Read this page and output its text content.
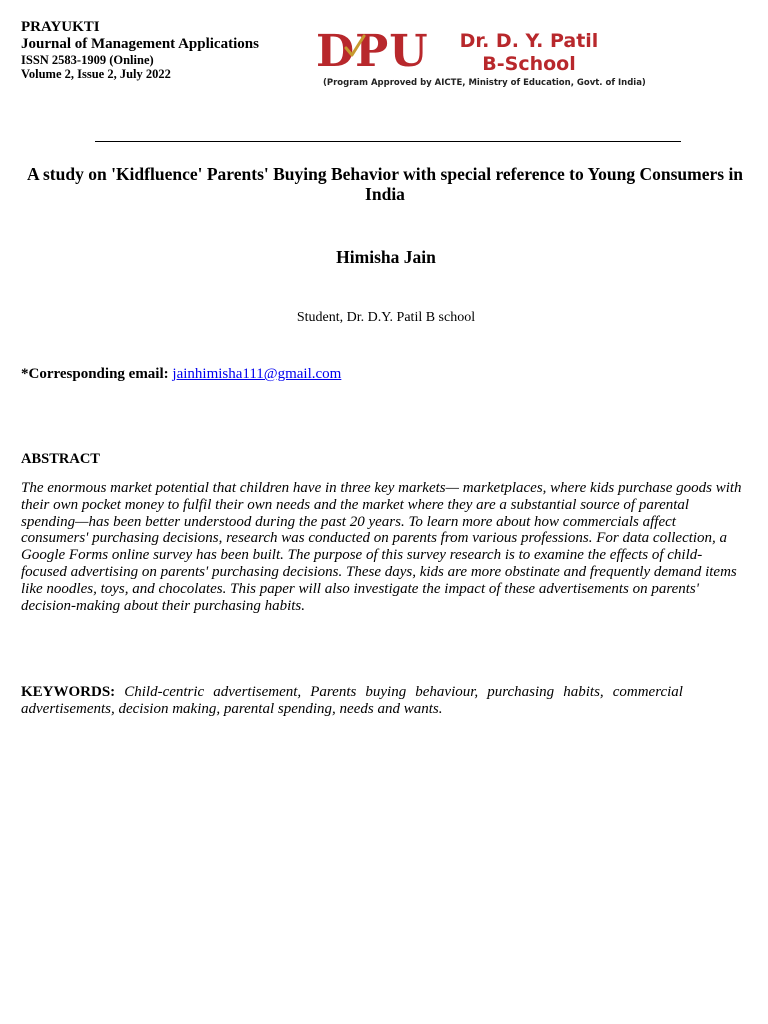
PRAYUKTI
Journal of Management Applications
ISSN 2583-1909 (Online)
Volume 2, Issue 2, July 2022	DPU	Dr. D. Y. Patil
B-School
(Program Approved by AICTE, Ministry of Education, Govt. of India)
A study on 'Kidfluence' Parents' Buying Behavior with special reference to Young Consumers in India
Himisha Jain
Student, Dr. D.Y. Patil B school
*Corresponding email: jainhimisha111@gmail.com
ABSTRACT
The enormous market potential that children have in three key markets— marketplaces, where kids purchase goods with their own pocket money to fulfil their own needs and the market where they are a substantial source of parental spending—has been better understood during the past 20 years. To learn more about how commercials affect consumers' purchasing decisions, research was conducted on parents from various professions. For data collection, a Google Forms online survey has been built. The purpose of this survey research is to examine the effects of child-focused advertising on parents' purchasing decisions. These days, kids are more obstinate and frequently demand items like noodles, toys, and chocolates. This paper will also investigate the impact of these advertisements on parents' decision-making about their purchasing habits.
KEYWORDS: Child-centric advertisement, Parents buying behaviour, purchasing habits, commercial advertisements, decision making, parental spending, needs and wants.
